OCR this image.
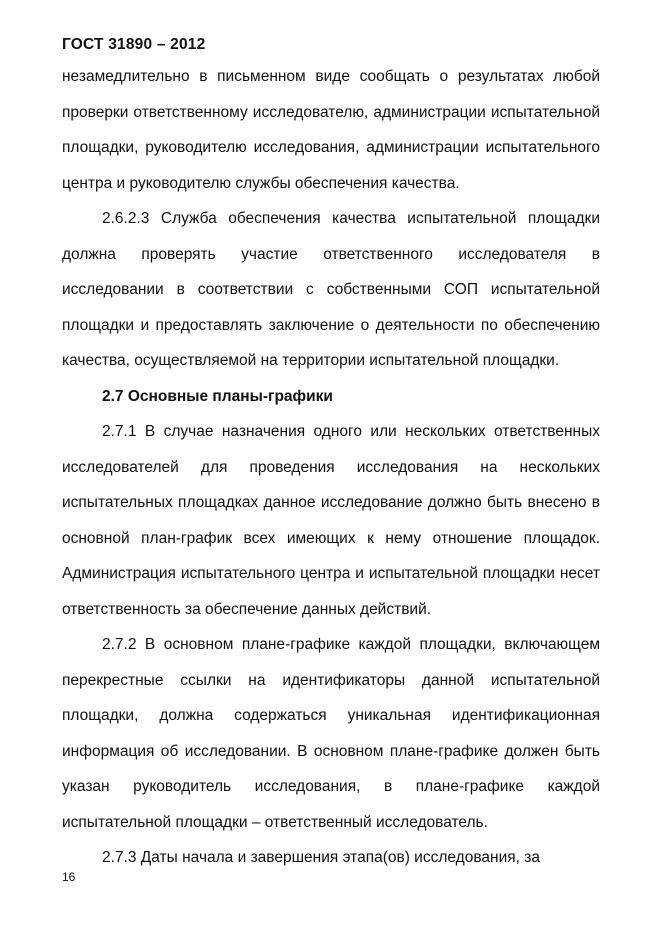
ГОСТ 31890 – 2012

незамедлительно в письменном виде сообщать о результатах любой проверки ответственному исследователю, администрации испытательной площадки, руководителю исследования, администрации испытательного центра и руководителю службы обеспечения качества.

2.6.2.3 Служба обеспечения качества испытательной площадки должна проверять участие ответственного исследователя в исследовании в соответствии с собственными СОП испытательной площадки и предоставлять заключение о деятельности по обеспечению качества, осуществляемой на территории испытательной площадки.

2.7 Основные планы-графики

2.7.1 В случае назначения одного или нескольких ответственных исследователей для проведения исследования на нескольких испытательных площадках данное исследование должно быть внесено в основной план-график всех имеющих к нему отношение площадок. Администрация испытательного центра и испытательной площадки несет ответственность за обеспечение данных действий.

2.7.2 В основном плане-графике каждой площадки, включающем перекрестные ссылки на идентификаторы данной испытательной площадки, должна содержаться уникальная идентификационная информация об исследовании. В основном плане-графике должен быть указан руководитель исследования, в плане-графике каждой испытательной площадки – ответственный исследователь.

2.7.3 Даты начала и завершения этапа(ов) исследования, за

16
